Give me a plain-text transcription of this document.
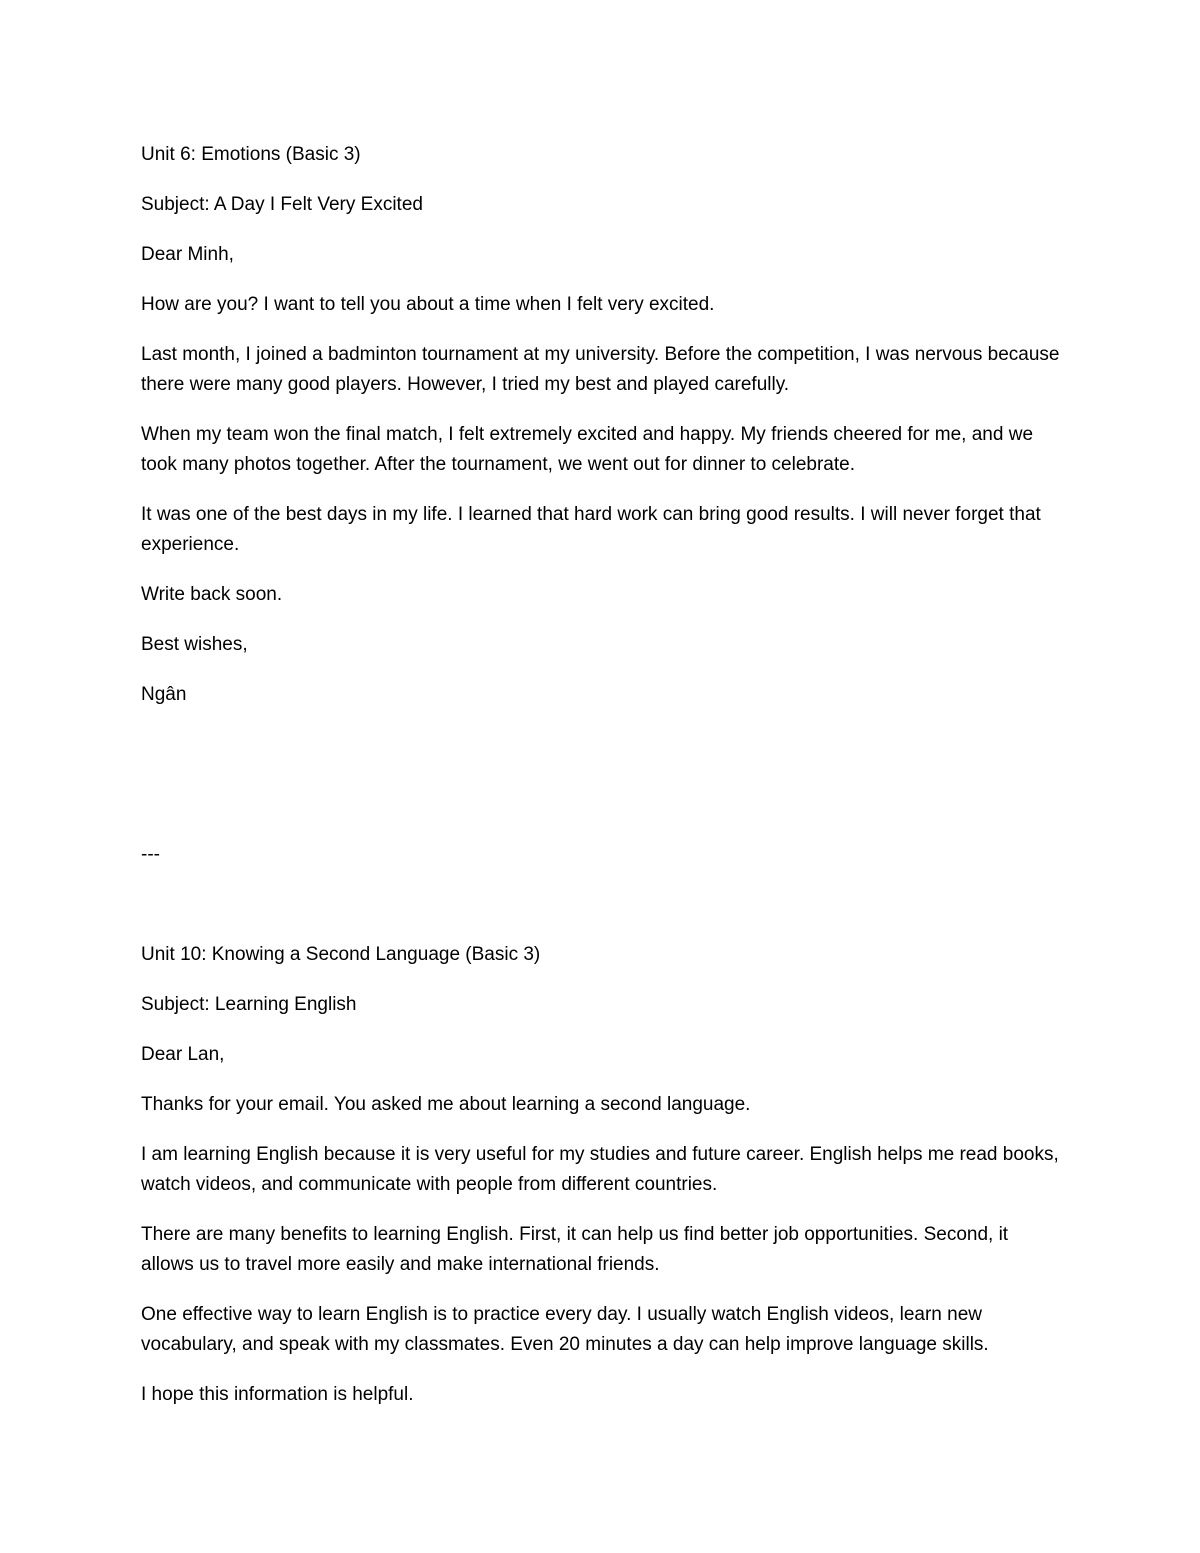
Unit 6: Emotions (Basic 3)

Subject: A Day I Felt Very Excited

Dear Minh,

How are you? I want to tell you about a time when I felt very excited.

Last month, I joined a badminton tournament at my university. Before the competition, I was nervous because there were many good players. However, I tried my best and played carefully.

When my team won the final match, I felt extremely excited and happy. My friends cheered for me, and we took many photos together. After the tournament, we went out for dinner to celebrate.

It was one of the best days in my life. I learned that hard work can bring good results. I will never forget that experience.

Write back soon.

Best wishes,

Ngân

---

Unit 10: Knowing a Second Language (Basic 3)

Subject: Learning English

Dear Lan,

Thanks for your email. You asked me about learning a second language.

I am learning English because it is very useful for my studies and future career. English helps me read books, watch videos, and communicate with people from different countries.

There are many benefits to learning English. First, it can help us find better job opportunities. Second, it allows us to travel more easily and make international friends.

One effective way to learn English is to practice every day. I usually watch English videos, learn new vocabulary, and speak with my classmates. Even 20 minutes a day can help improve language skills.

I hope this information is helpful.
